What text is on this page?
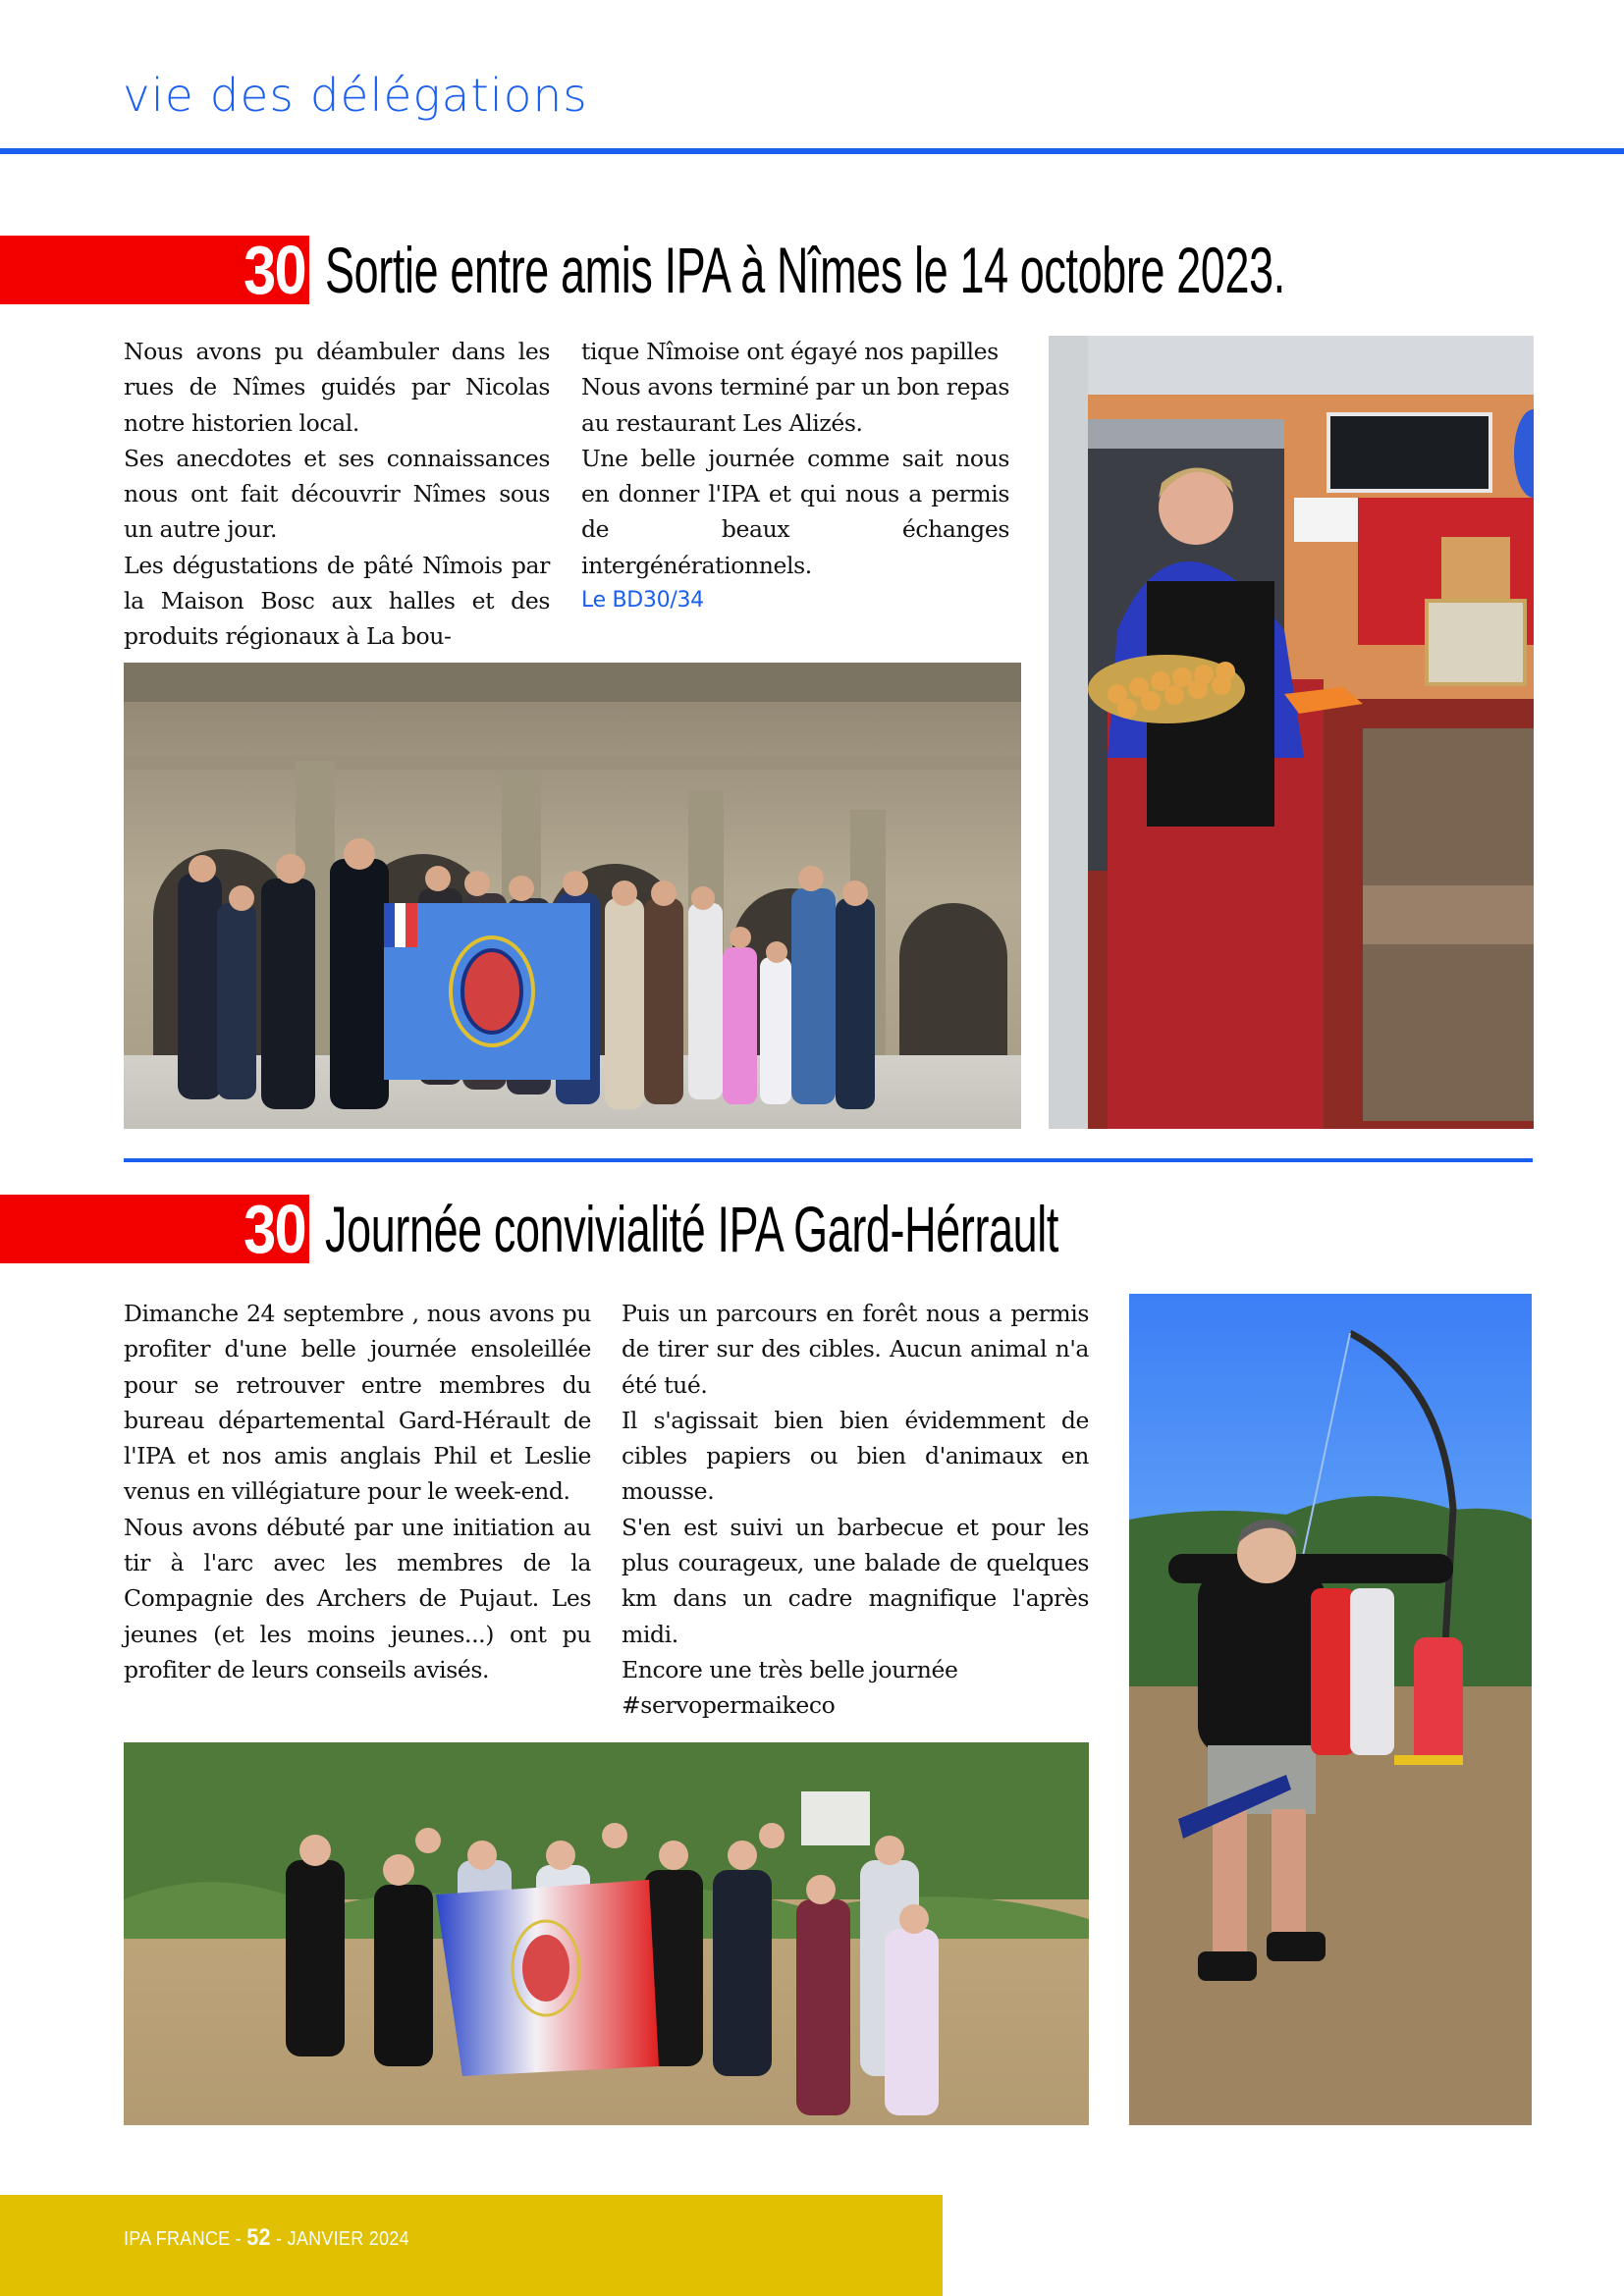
vie des délégations
30 Sortie entre amis IPA à Nîmes le 14 octobre 2023.

Nous avons pu déambuler dans les rues de Nîmes guidés par Nicolas notre historien local.

Ses anecdotes et ses connaissances nous ont fait découvrir Nîmes sous un autre jour.

Les dégustations de pâté Nîmois par la Maison Bosc aux halles et des produits régionaux à La bou-

tique Nîmoise ont égayé nos papilles

Nous avons terminé par un bon repas au restaurant Les Alizés.

Une belle journée comme sait nous en donner l'IPA et qui nous a permis de beaux échanges intergénérationnels.

Le BD30/34

30 Journée convivialité IPA Gard-Hérrault

Dimanche 24 septembre , nous avons pu profiter d'une belle journée ensoleillée pour se retrouver entre membres du bureau départemental Gard-Hérault de l'IPA et nos amis anglais Phil et Leslie venus en villégiature pour le week-end.

Nous avons débuté par une initiation au tir à l'arc avec les membres de la Compagnie des Archers de Pujaut. Les jeunes (et les moins jeunes...) ont pu profiter de leurs conseils avisés.

Puis un parcours en forêt nous a permis de tirer sur des cibles. Aucun animal n'a été tué.

Il s'agissait bien bien évidemment de cibles papiers ou bien d'animaux en mousse.

S'en est suivi un barbecue et pour les plus courageux, une balade de quelques km dans un cadre magnifique l'après midi.

Encore une très belle journée

#servopermaikeco

IPA FRANCE - 52 - JANVIER 2024
